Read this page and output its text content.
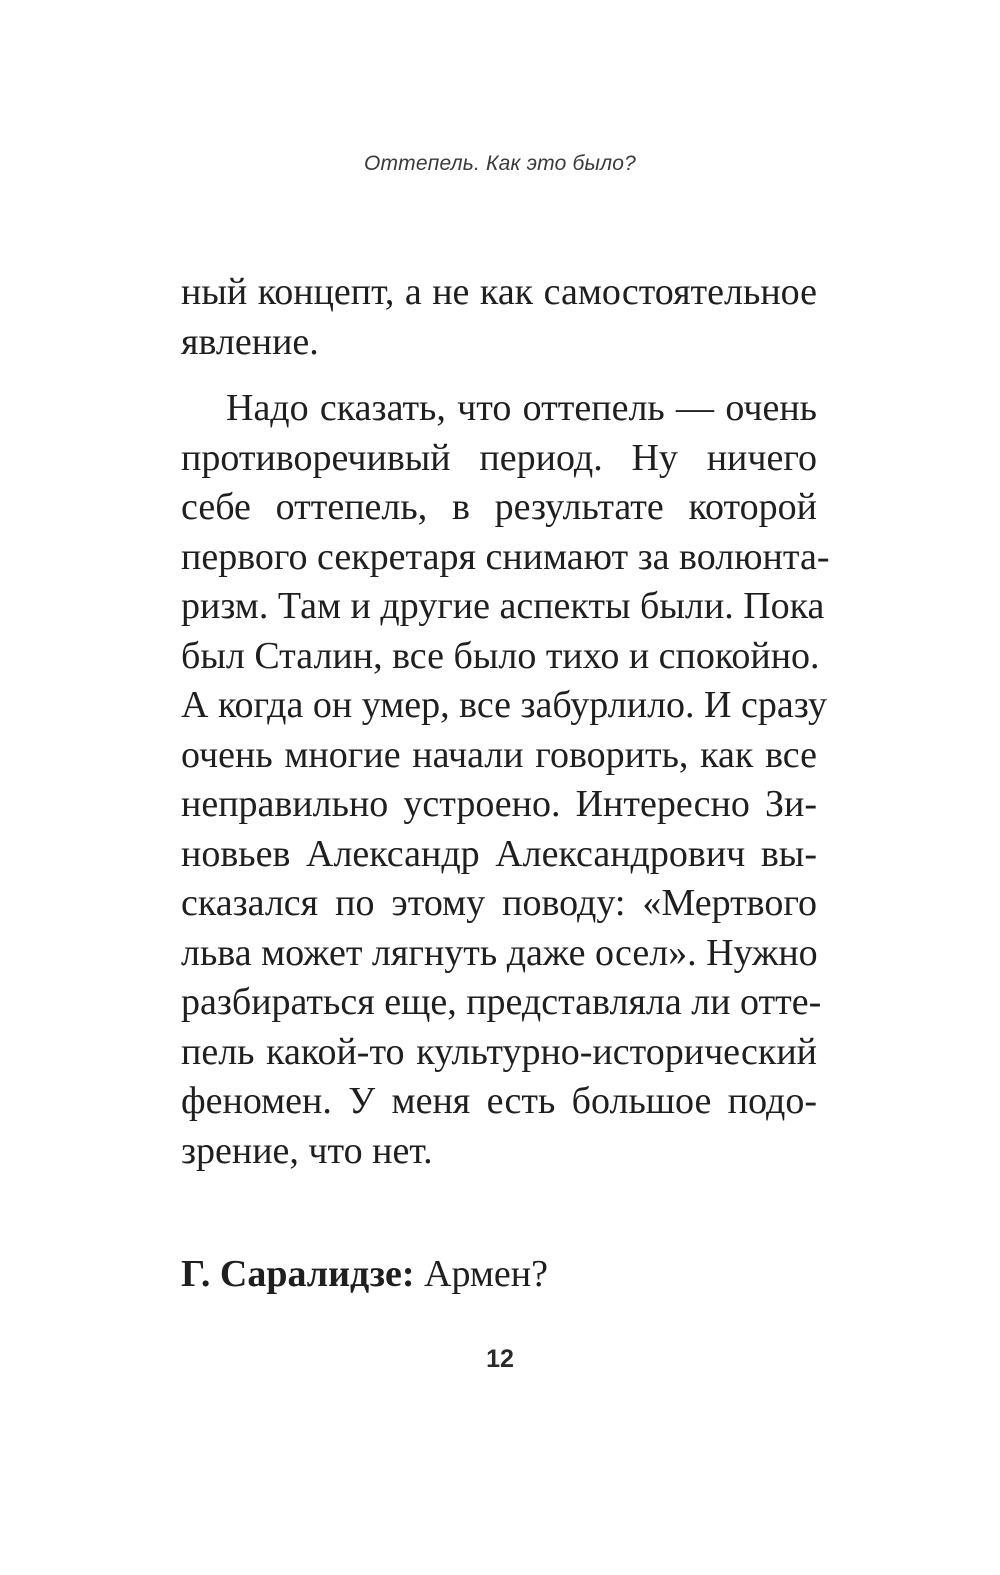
Оттепель. Как это было?
ный концепт, а не как самостоятельное
явление.
Надо сказать, что оттепель — очень
противоречивый период. Ну ничего
себе оттепель, в результате которой
первого секретаря снимают за волюнта-
ризм. Там и другие аспекты были. Пока
был Сталин, все было тихо и спокойно.
А когда он умер, все забурлило. И сразу
очень многие начали говорить, как все
неправильно устроено. Интересно Зи-
новьев Александр Александрович вы-
сказался по этому поводу: «Мертвого
льва может лягнуть даже осел». Нужно
разбираться еще, представляла ли отте-
пель какой-то культурно-исторический
феномен. У меня есть большое подо-
зрение, что нет.
Г. Саралидзе: Армен?
12
